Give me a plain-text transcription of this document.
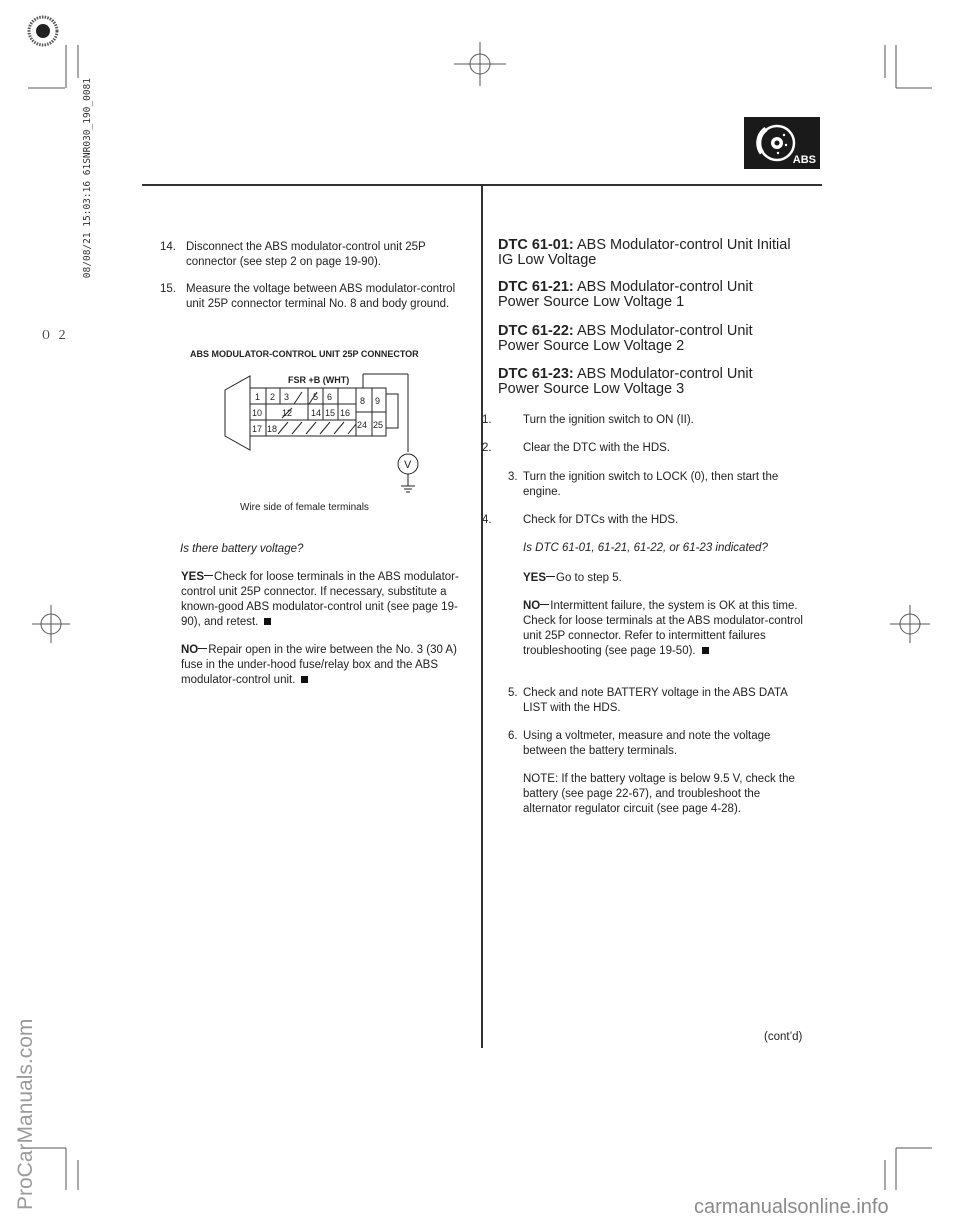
08/08/21 15:03:16 61SNR030_190_0081
０２
ABS
14. Disconnect the ABS modulator-control unit 25P connector (see step 2 on page 19-90).
15. Measure the voltage between ABS modulator-control unit 25P connector terminal No. 8 and body ground.
ABS MODULATOR-CONTROL UNIT 25P CONNECTOR
1 2 3	5 6	8 9
10 12 14 15 16
17 18	24 25
V
FSR +B (WHT)
Wire side of female terminals
Is there battery voltage?
YES Check for loose terminals in the ABS modulator-control unit 25P connector. If necessary, substitute a known-good ABS modulator-control unit (see page 19-90), and retest.
NO Repair open in the wire between the No. 3 (30 A) fuse in the under-hood fuse/relay box and the ABS modulator-control unit.
DTC 61-01: ABS Modulator-control Unit Initial
IG Low Voltage
DTC 61-21: ABS Modulator-control Unit
Power Source Low Voltage 1
DTC 61-22: ABS Modulator-control Unit
Power Source Low Voltage 2
DTC 61-23: ABS Modulator-control Unit
Power Source Low Voltage 3
1.	Turn the ignition switch to ON (II).
2.	Clear the DTC with the HDS.
3. Turn the ignition switch to LOCK (0), then start the engine.
4.	Check for DTCs with the HDS.
Is DTC 61-01, 61-21, 61-22, or 61-23 indicated?
YES Go to step 5.
NO Intermittent failure, the system is OK at this time. Check for loose terminals at the ABS modulator-control unit 25P connector. Refer to intermittent failures troubleshooting (see page 19-50).
5. Check and note BATTERY voltage in the ABS DATA LIST with the HDS.
6. Using a voltmeter, measure and note the voltage between the battery terminals.
NOTE: If the battery voltage is below 9.5 V, check the battery (see page 22-67), and troubleshoot the alternator regulator circuit (see page 4-28).
(cont’d)
ProCarManuals.com	carmanualsonline.info
